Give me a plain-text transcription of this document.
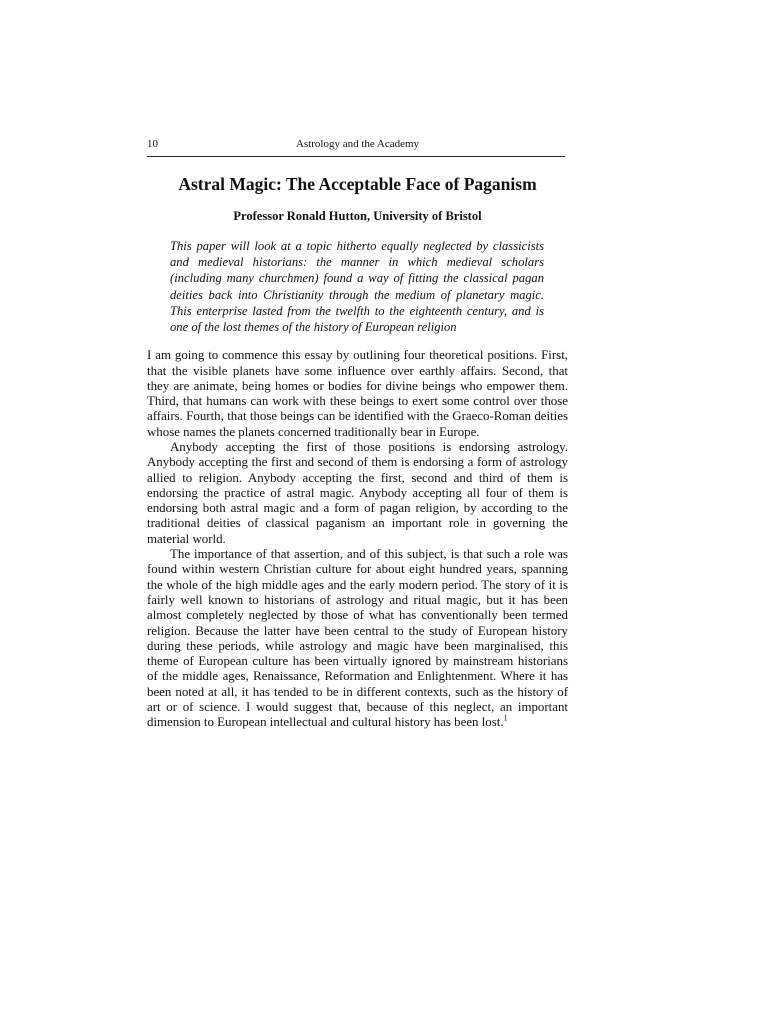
10	Astrology and the Academy
Astral Magic: The Acceptable Face of Paganism
Professor Ronald Hutton, University of Bristol
This paper will look at a topic hitherto equally neglected by classicists and medieval historians: the manner in which medieval scholars (including many churchmen) found a way of fitting the classical pagan deities back into Christianity through the medium of planetary magic. This enterprise lasted from the twelfth to the eighteenth century, and is one of the lost themes of the history of European religion

I am going to commence this essay by outlining four theoretical positions. First, that the visible planets have some influence over earthly affairs. Second, that they are animate, being homes or bodies for divine beings who empower them. Third, that humans can work with these beings to exert some control over those affairs. Fourth, that those beings can be identified with the Graeco-Roman deities whose names the planets concerned traditionally bear in Europe.

Anybody accepting the first of those positions is endorsing astrology. Anybody accepting the first and second of them is endorsing a form of astrology allied to religion. Anybody accepting the first, second and third of them is endorsing the practice of astral magic. Anybody accepting all four of them is endorsing both astral magic and a form of pagan religion, by according to the traditional deities of classical paganism an important role in governing the material world.

The importance of that assertion, and of this subject, is that such a role was found within western Christian culture for about eight hundred years, spanning the whole of the high middle ages and the early modern period. The story of it is fairly well known to historians of astrology and ritual magic, but it has been almost completely neglected by those of what has conventionally been termed religion. Because the latter have been central to the study of European history during these periods, while astrology and magic have been marginalised, this theme of European culture has been virtually ignored by mainstream historians of the middle ages, Renaissance, Reformation and Enlightenment. Where it has been noted at all, it has tended to be in different contexts, such as the history of art or of science. I would suggest that, because of this neglect, an important dimension to European intellectual and cultural history has been lost.$^1$
